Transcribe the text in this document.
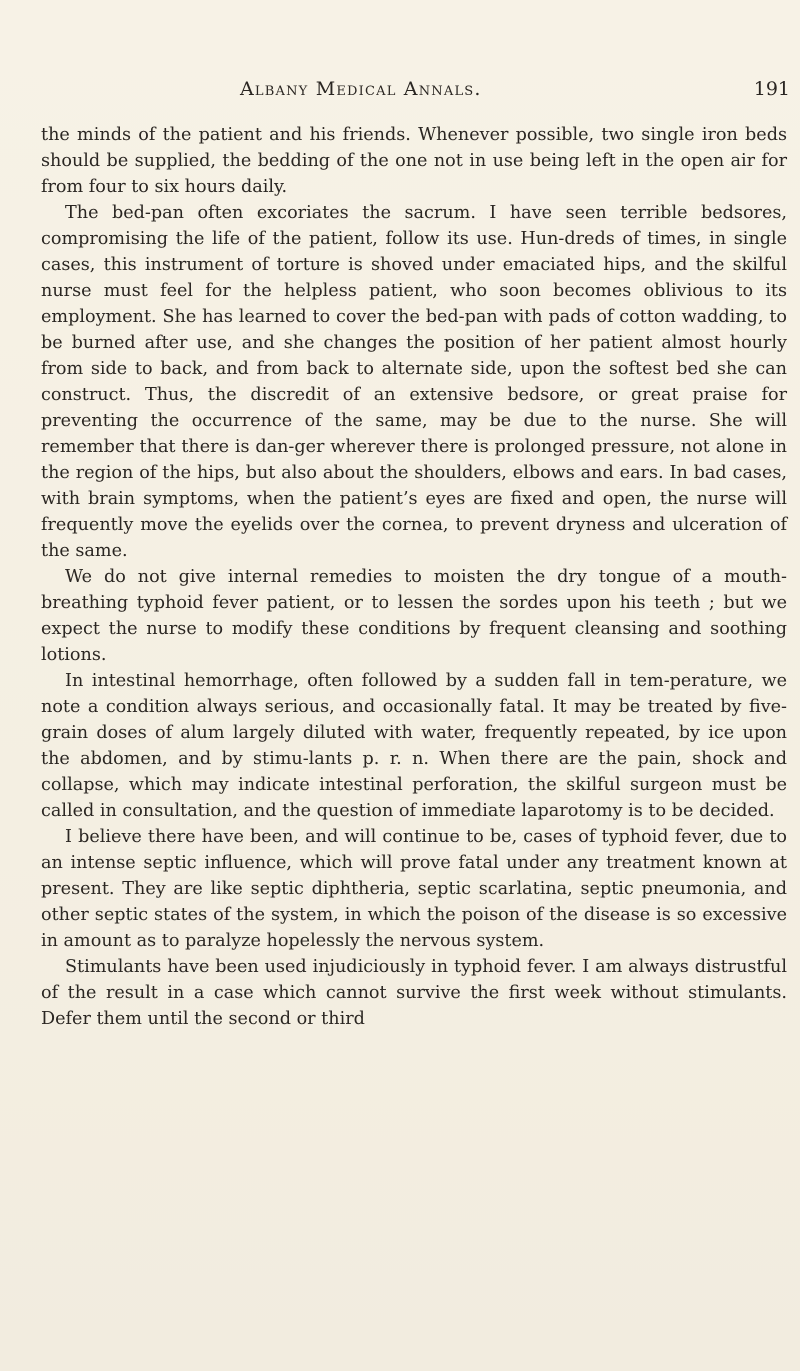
Albany Medical Annals.	191

the minds of the patient and his friends. Whenever possible, two single iron beds should be supplied, the bedding of the one not in use being left in the open air for from four to six hours daily.

The bed-pan often excoriates the sacrum. I have seen terrible bedsores, compromising the life of the patient, follow its use. Hun-dreds of times, in single cases, this instrument of torture is shoved under emaciated hips, and the skilful nurse must feel for the helpless patient, who soon becomes oblivious to its employment. She has learned to cover the bed-pan with pads of cotton wadding, to be burned after use, and she changes the position of her patient almost hourly from side to back, and from back to alternate side, upon the softest bed she can construct. Thus, the discredit of an extensive bedsore, or great praise for preventing the occurrence of the same, may be due to the nurse. She will remember that there is dan-ger wherever there is prolonged pressure, not alone in the region of the hips, but also about the shoulders, elbows and ears. In bad cases, with brain symptoms, when the patient’s eyes are fixed and open, the nurse will frequently move the eyelids over the cornea, to prevent dryness and ulceration of the same.

We do not give internal remedies to moisten the dry tongue of a mouth-breathing typhoid fever patient, or to lessen the sordes upon his teeth ; but we expect the nurse to modify these conditions by frequent cleansing and soothing lotions.

In intestinal hemorrhage, often followed by a sudden fall in tem-perature, we note a condition always serious, and occasionally fatal. It may be treated by five-grain doses of alum largely diluted with water, frequently repeated, by ice upon the abdomen, and by stimu-lants p. r. n. When there are the pain, shock and collapse, which may indicate intestinal perforation, the skilful surgeon must be called in consultation, and the question of immediate laparotomy is to be decided.

I believe there have been, and will continue to be, cases of typhoid fever, due to an intense septic influence, which will prove fatal under any treatment known at present. They are like septic diphtheria, septic scarlatina, septic pneumonia, and other septic states of the system, in which the poison of the disease is so excessive in amount as to paralyze hopelessly the nervous system.

Stimulants have been used injudiciously in typhoid fever. I am always distrustful of the result in a case which cannot survive the first week without stimulants. Defer them until the second or third
